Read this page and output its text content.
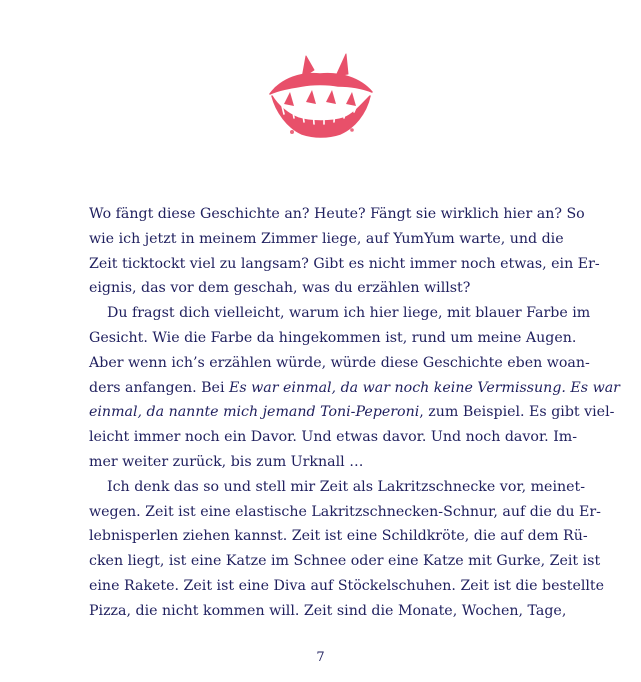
Wo fängt diese Geschichte an? Heute? Fängt sie wirklich hier an? So
wie ich jetzt in meinem Zimmer liege, auf YumYum warte, und die
Zeit ticktockt viel zu langsam? Gibt es nicht immer noch etwas, ein Er-
eignis, das vor dem geschah, was du erzählen willst?

Du fragst dich vielleicht, warum ich hier liege, mit blauer Farbe im
Gesicht. Wie die Farbe da hingekommen ist, rund um meine Augen.
Aber wenn ich’s erzählen würde, würde diese Geschichte eben woan-
ders anfangen. Bei Es war einmal, da war noch keine Vermissung. Es war
einmal, da nannte mich jemand Toni-Peperoni, zum Beispiel. Es gibt viel-
leicht immer noch ein Davor. Und etwas davor. Und noch davor. Im-
mer weiter zurück, bis zum Urknall …

Ich denk das so und stell mir Zeit als Lakritzschnecke vor, meinet-
wegen. Zeit ist eine elastische Lakritzschnecken-Schnur, auf die du Er-
lebnisperlen ziehen kannst. Zeit ist eine Schildkröte, die auf dem Rü-
cken liegt, ist eine Katze im Schnee oder eine Katze mit Gurke, Zeit ist
eine Rakete. Zeit ist eine Diva auf Stöckelschuhen. Zeit ist die bestellte
Pizza, die nicht kommen will. Zeit sind die Monate, Wochen, Tage,

7
